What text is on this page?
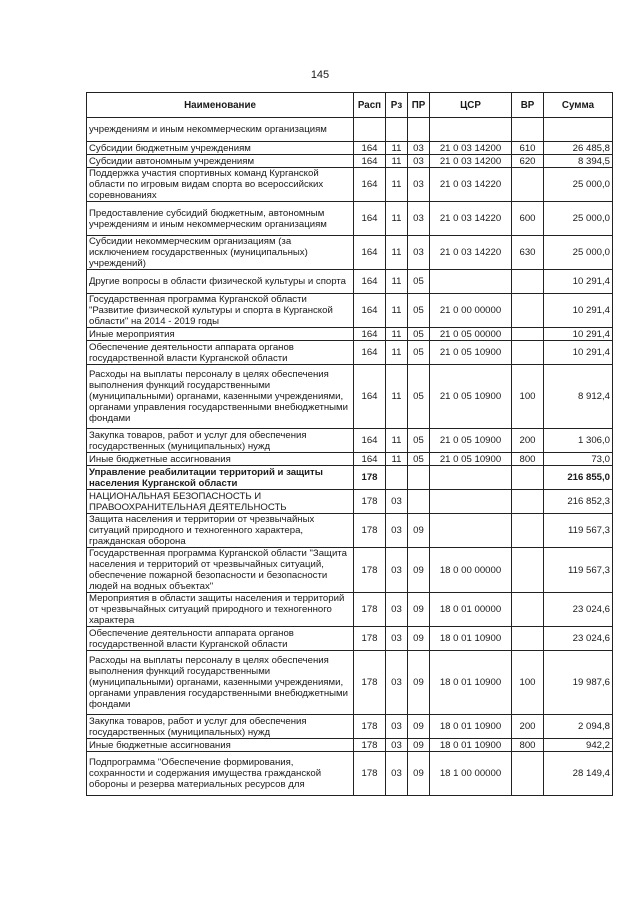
145
Наименование	Расп	Рз	ПР	ЦСР	ВР	Сумма
учреждениям и иным некоммерческим организациям						
Субсидии бюджетным учреждениям	164	11	03	21 0 03 14200	610	26 485,8
Субсидии автономным учреждениям	164	11	03	21 0 03 14200	620	8 394,5
Поддержка участия спортивных команд Курганской области по игровым видам спорта во всероссийских соревнованиях	164	11	03	21 0 03 14220		25 000,0
Предоставление субсидий бюджетным, автономным учреждениям и иным некоммерческим организациям	164	11	03	21 0 03 14220	600	25 000,0
Субсидии некоммерческим организациям (за исключением государственных (муниципальных) учреждений)	164	11	03	21 0 03 14220	630	25 000,0
Другие вопросы в области физической культуры и спорта	164	11	05			10 291,4
Государственная программа Курганской области "Развитие физической культуры и спорта в Курганской области" на 2014 - 2019 годы	164	11	05	21 0 00 00000		10 291,4
Иные мероприятия	164	11	05	21 0 05 00000		10 291,4
Обеспечение деятельности аппарата органов государственной власти Курганской области	164	11	05	21 0 05 10900		10 291,4
Расходы на выплаты персоналу в целях обеспечения выполнения функций государственными (муниципальными) органами, казенными учреждениями, органами управления государственными внебюджетными фондами	164	11	05	21 0 05 10900	100	8 912,4
Закупка товаров, работ и услуг для обеспечения государственных (муниципальных) нужд	164	11	05	21 0 05 10900	200	1 306,0
Иные бюджетные ассигнования	164	11	05	21 0 05 10900	800	73,0
Управление реабилитации территорий и защиты населения Курганской области	178					216 855,0
НАЦИОНАЛЬНАЯ БЕЗОПАСНОСТЬ И ПРАВООХРАНИТЕЛЬНАЯ ДЕЯТЕЛЬНОСТЬ	178	03				216 852,3
Защита населения и территории от чрезвычайных ситуаций природного и техногенного характера, гражданская оборона	178	03	09			119 567,3
Государственная программа Курганской области "Защита населения и территорий от чрезвычайных ситуаций, обеспечение пожарной безопасности и безопасности людей на водных объектах"	178	03	09	18 0 00 00000		119 567,3
Мероприятия в области защиты населения и территорий от чрезвычайных ситуаций природного и техногенного характера	178	03	09	18 0 01 00000		23 024,6
Обеспечение деятельности аппарата органов государственной власти Курганской области	178	03	09	18 0 01 10900		23 024,6
Расходы на выплаты персоналу в целях обеспечения выполнения функций государственными (муниципальными) органами, казенными учреждениями, органами управления государственными внебюджетными фондами	178	03	09	18 0 01 10900	100	19 987,6
Закупка товаров, работ и услуг для обеспечения государственных (муниципальных) нужд	178	03	09	18 0 01 10900	200	2 094,8
Иные бюджетные ассигнования	178	03	09	18 0 01 10900	800	942,2
Подпрограмма "Обеспечение формирования, сохранности и содержания имущества гражданской обороны и резерва материальных ресурсов для	178	03	09	18 1 00 00000		28 149,4
